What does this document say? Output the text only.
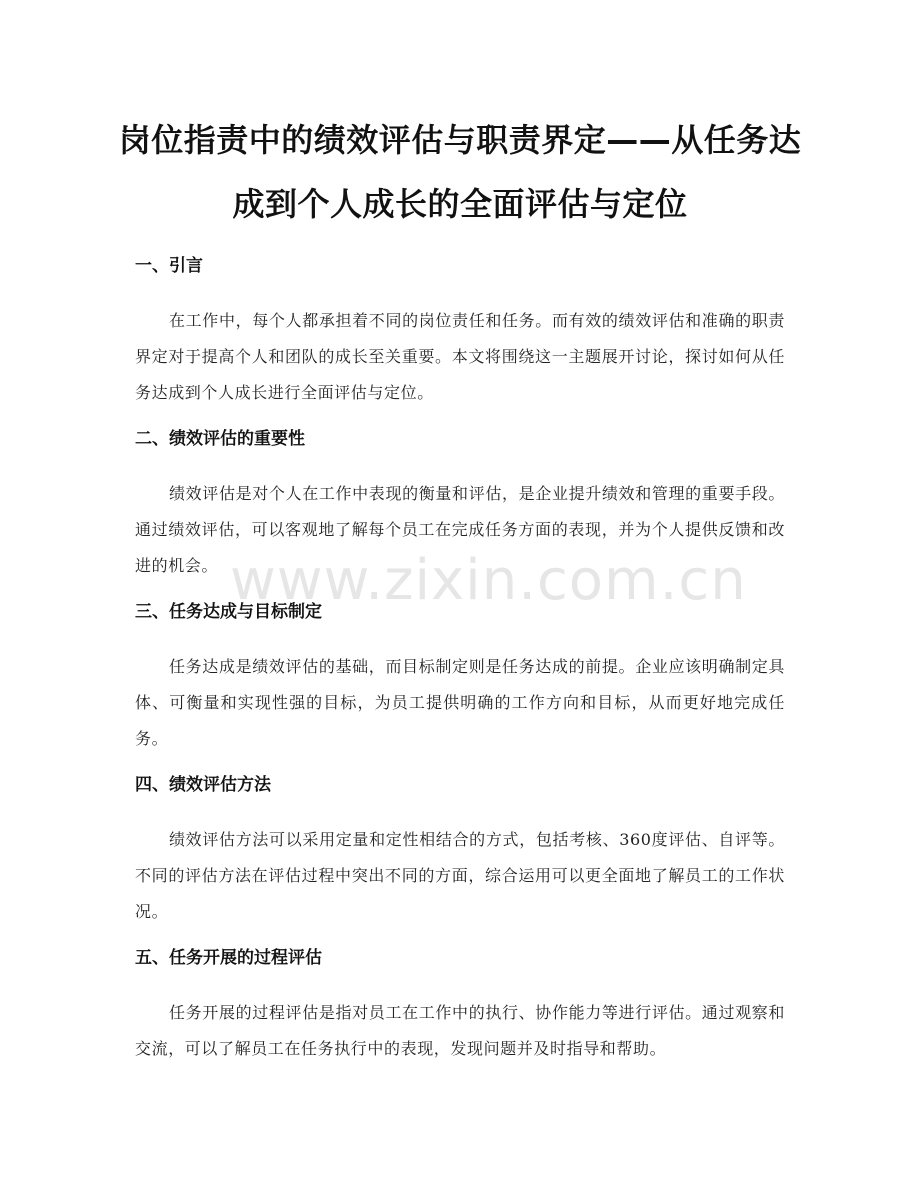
岗位指责中的绩效评估与职责界定——从任务达成到个人成长的全面评估与定位
www.zixin.com.cn
一、引言

在工作中，每个人都承担着不同的岗位责任和任务。而有效的绩效评估和准确的职责界定对于提高个人和团队的成长至关重要。本文将围绕这一主题展开讨论，探讨如何从任务达成到个人成长进行全面评估与定位。

二、绩效评估的重要性

绩效评估是对个人在工作中表现的衡量和评估，是企业提升绩效和管理的重要手段。通过绩效评估，可以客观地了解每个员工在完成任务方面的表现，并为个人提供反馈和改进的机会。

三、任务达成与目标制定

任务达成是绩效评估的基础，而目标制定则是任务达成的前提。企业应该明确制定具体、可衡量和实现性强的目标，为员工提供明确的工作方向和目标，从而更好地完成任务。

四、绩效评估方法

绩效评估方法可以采用定量和定性相结合的方式，包括考核、360度评估、自评等。不同的评估方法在评估过程中突出不同的方面，综合运用可以更全面地了解员工的工作状况。

五、任务开展的过程评估

任务开展的过程评估是指对员工在工作中的执行、协作能力等进行评估。通过观察和交流，可以了解员工在任务执行中的表现，发现问题并及时指导和帮助。
